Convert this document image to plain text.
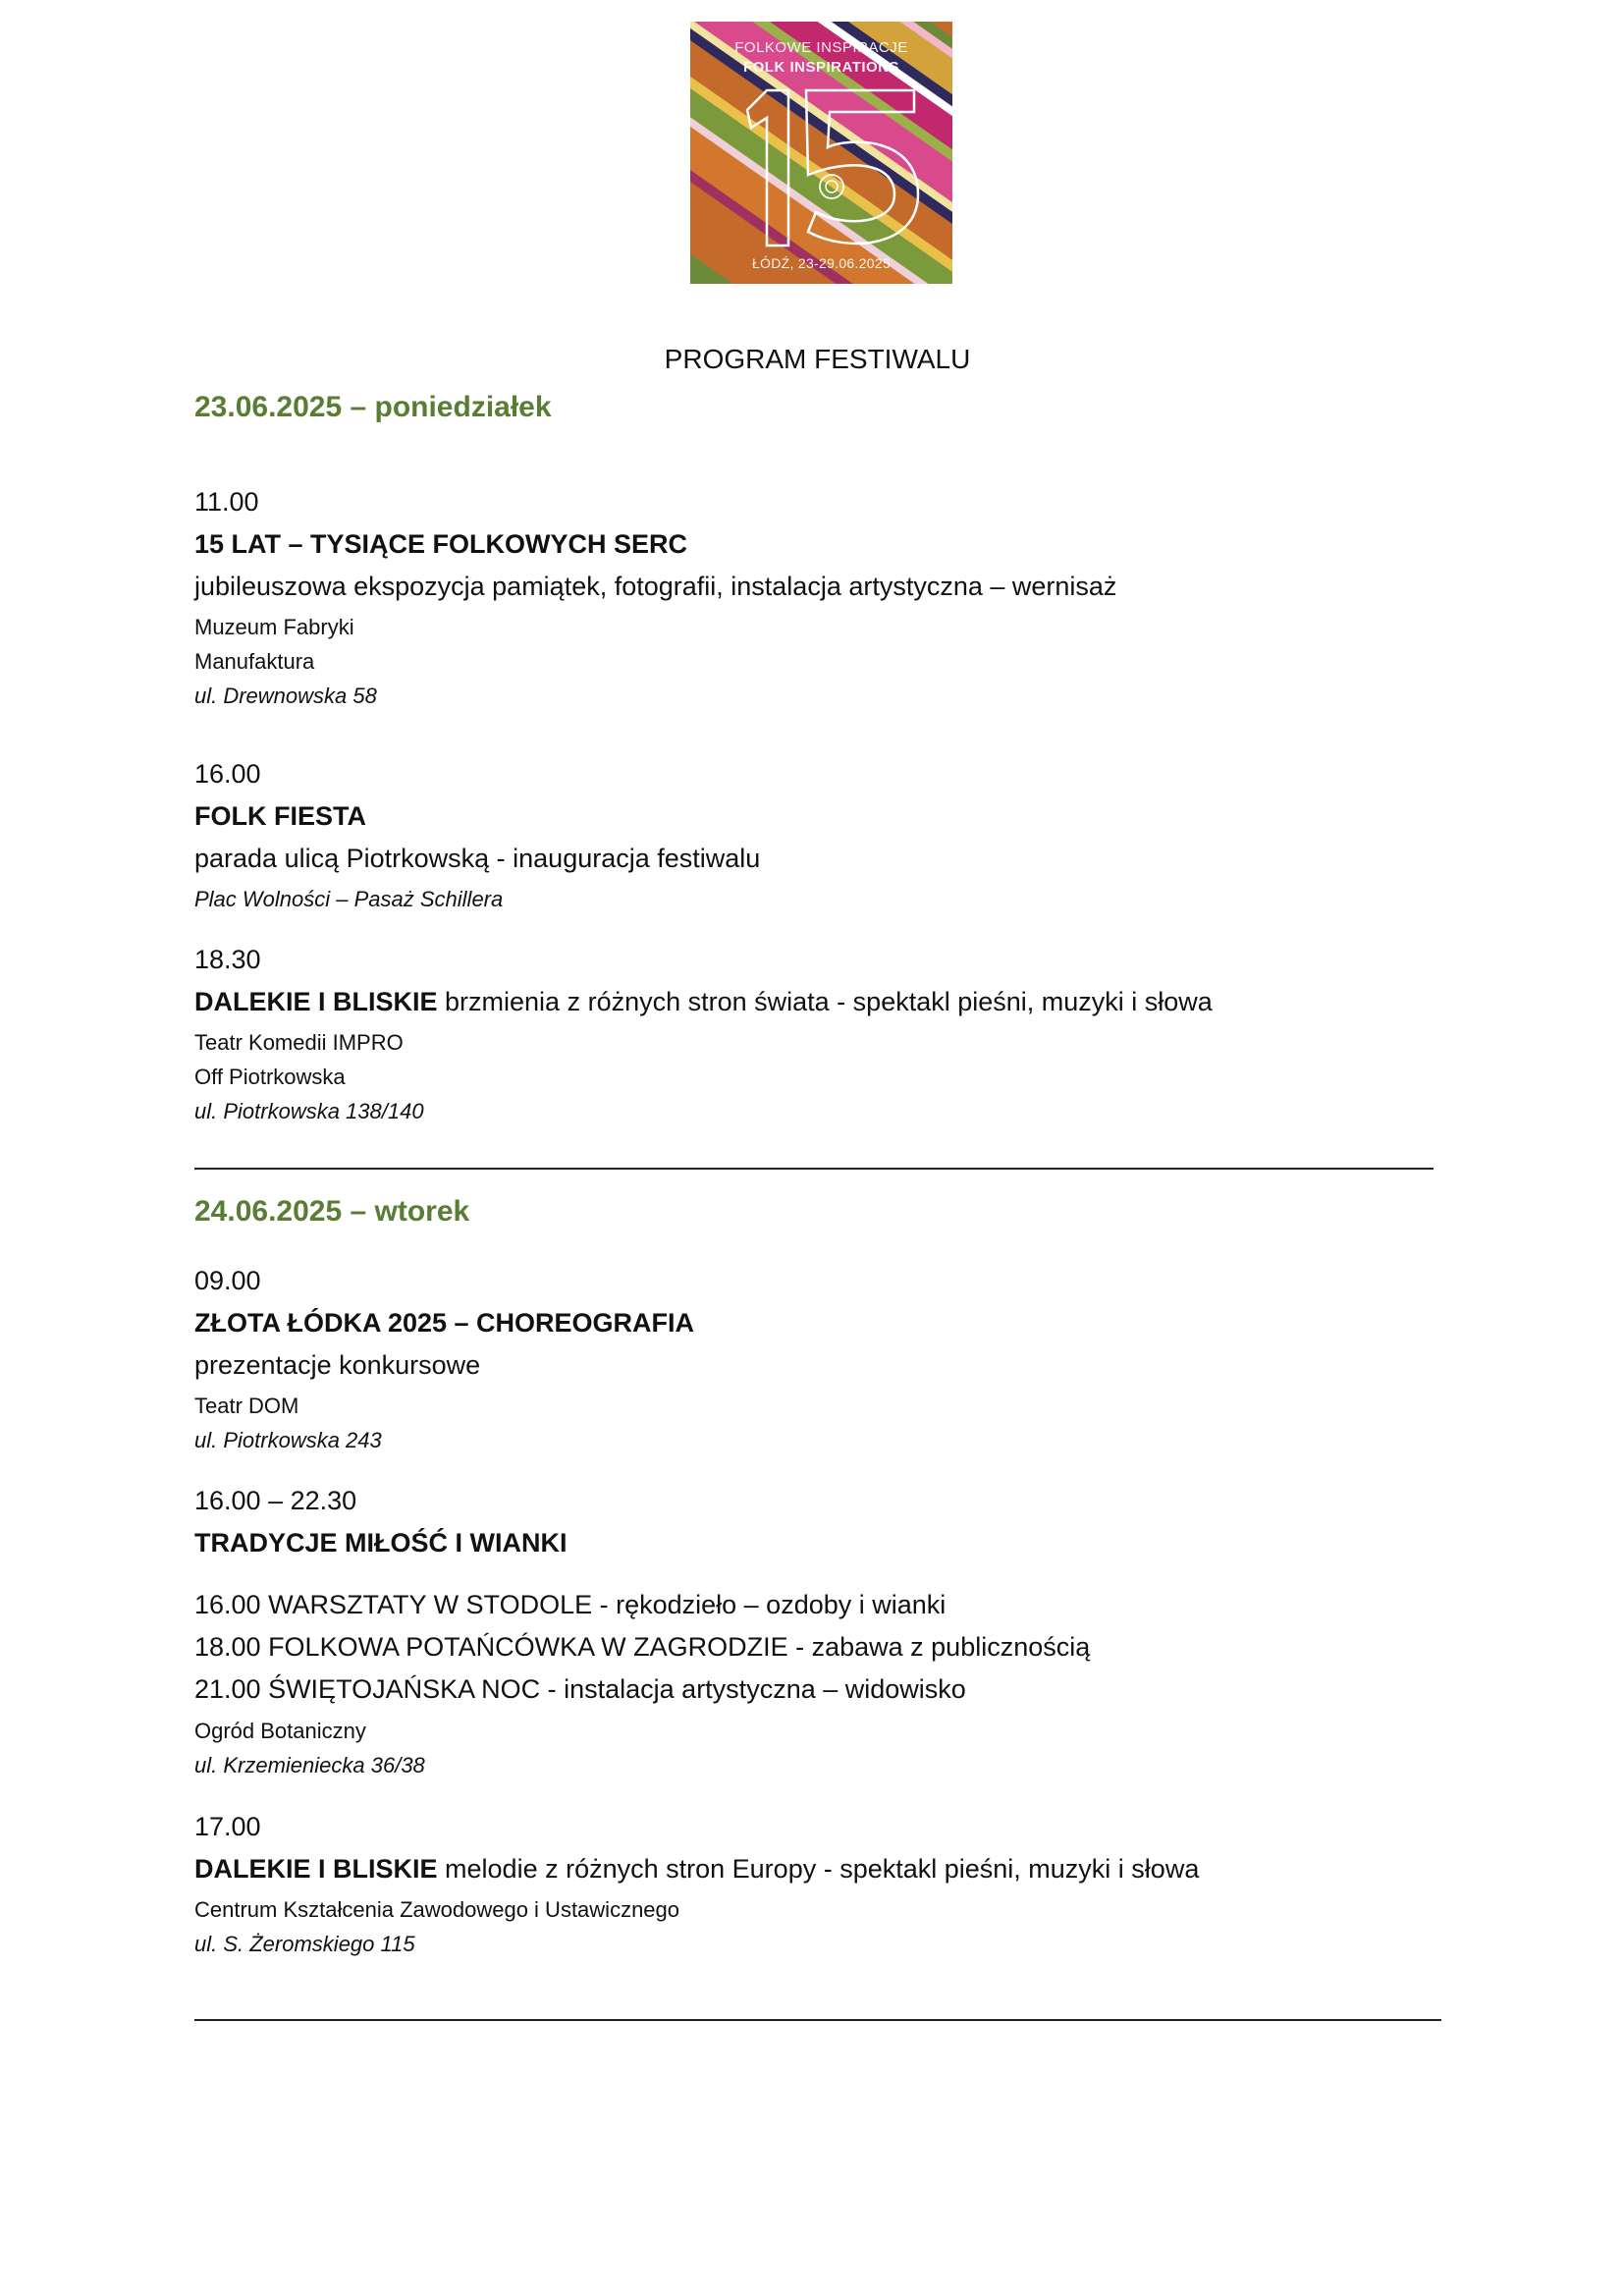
FOLKOWE INSPIRACJE
FOLK INSPIRATIONS
ŁÓDŹ, 23-29.06.2025
PROGRAM FESTIWALU
23.06.2025 – poniedziałek
11.00
15 LAT – TYSIĄCE FOLKOWYCH SERC
jubileuszowa ekspozycja pamiątek, fotografii, instalacja artystyczna – wernisaż
Muzeum Fabryki
Manufaktura
ul. Drewnowska 58
16.00
FOLK FIESTA
parada ulicą Piotrkowską - inauguracja festiwalu
Plac Wolności – Pasaż Schillera
18.30
DALEKIE I BLISKIE brzmienia z różnych stron świata - spektakl pieśni, muzyki i słowa
Teatr Komedii IMPRO
Off Piotrkowska
ul. Piotrkowska 138/140
24.06.2025 – wtorek
09.00
ZŁOTA ŁÓDKA 2025 – CHOREOGRAFIA
prezentacje konkursowe
Teatr DOM
ul. Piotrkowska 243
16.00 – 22.30
TRADYCJE MIŁOŚĆ I WIANKI
16.00 WARSZTATY W STODOLE - rękodzieło – ozdoby i wianki
18.00 FOLKOWA POTAŃCÓWKA W ZAGRODZIE - zabawa z publicznością
21.00 ŚWIĘTOJAŃSKA NOC - instalacja artystyczna – widowisko
Ogród Botaniczny
ul. Krzemieniecka 36/38
17.00
DALEKIE I BLISKIE melodie z różnych stron Europy - spektakl pieśni, muzyki i słowa
Centrum Kształcenia Zawodowego i Ustawicznego
ul. S. Żeromskiego 115
